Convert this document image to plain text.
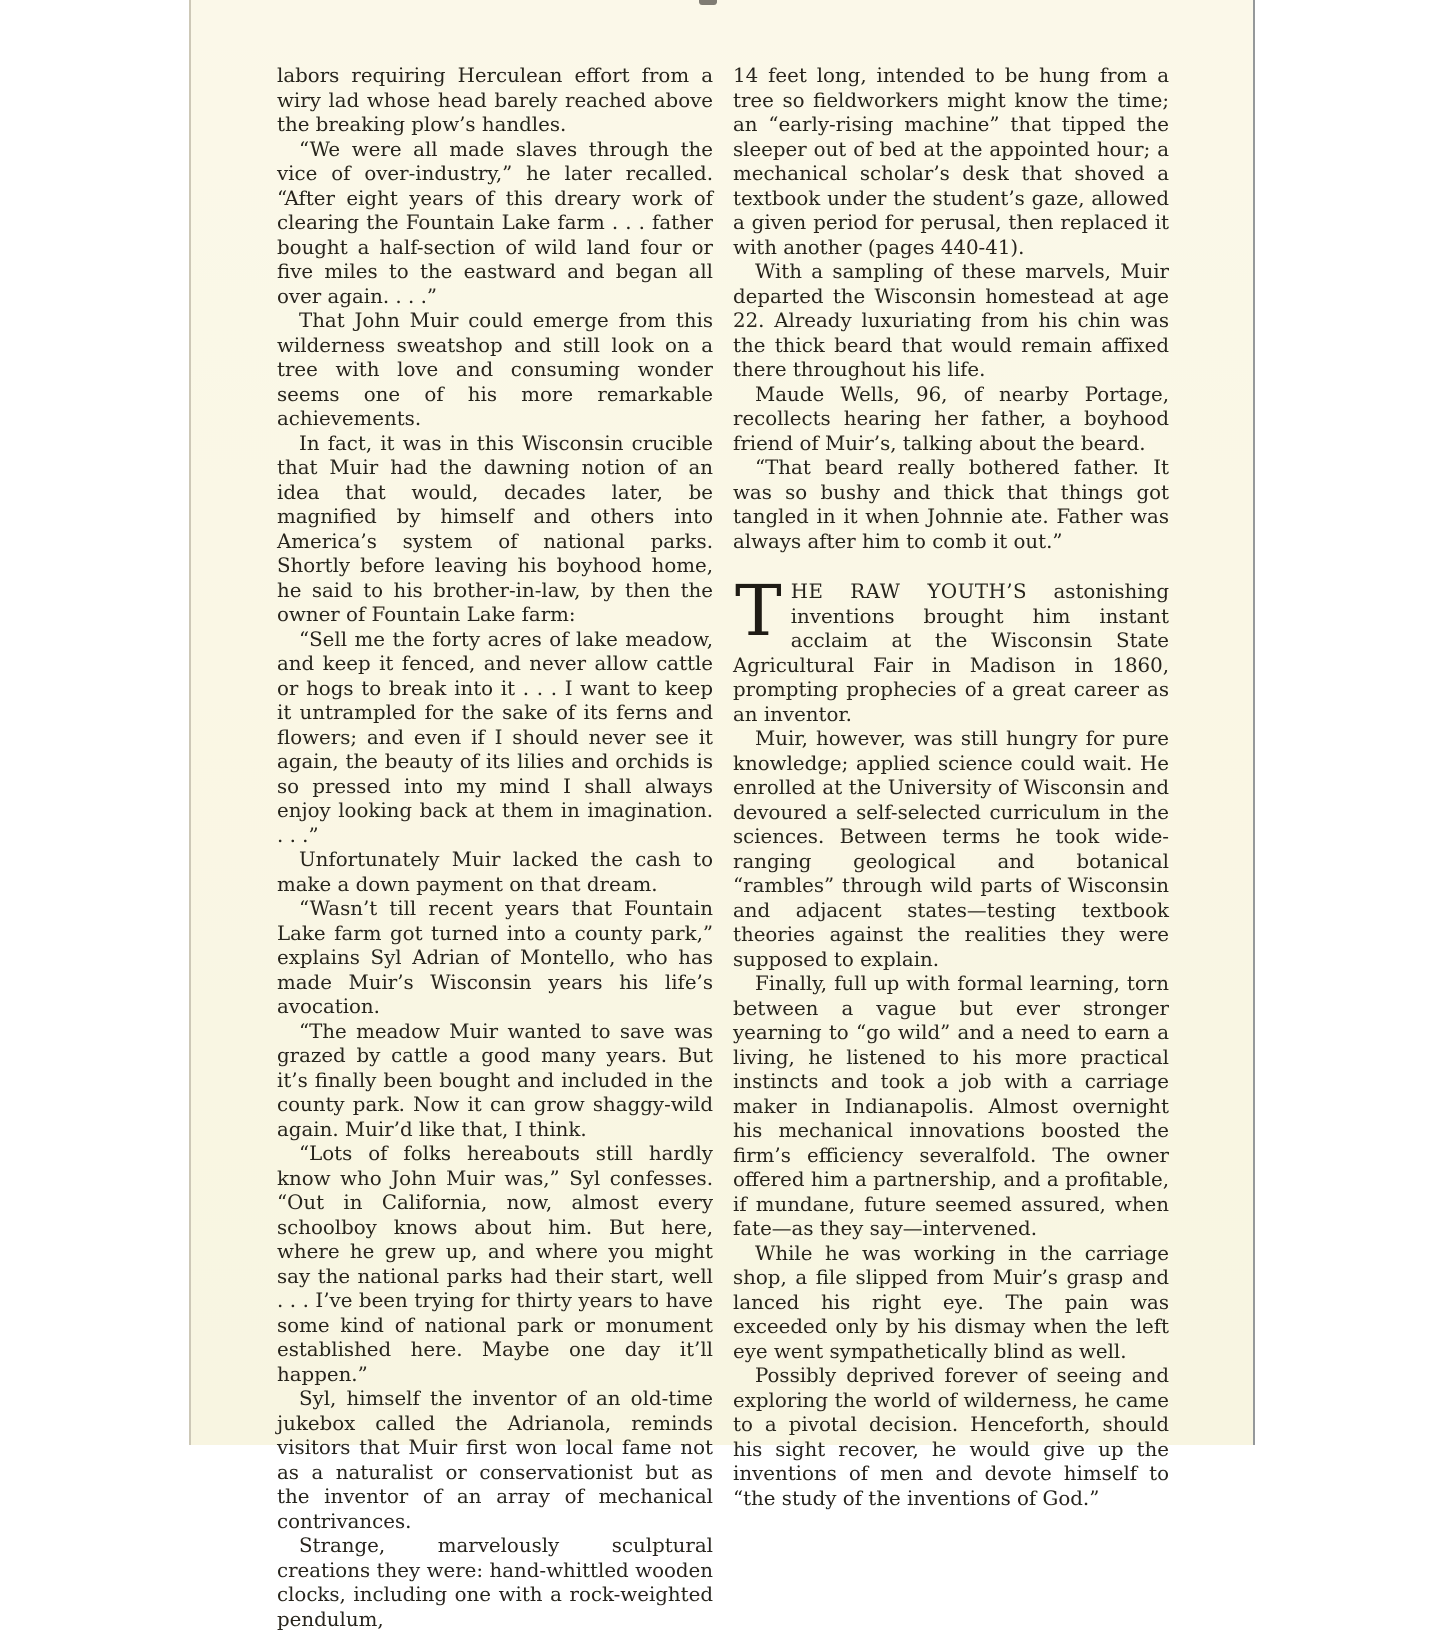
labors requiring Herculean effort from a wiry lad whose head barely reached above the breaking plow’s handles.

“We were all made slaves through the vice of over-industry,” he later recalled. “After eight years of this dreary work of clearing the Fountain Lake farm . . . father bought a half-section of wild land four or five miles to the eastward and began all over again. . . .”

That John Muir could emerge from this wilderness sweatshop and still look on a tree with love and consuming wonder seems one of his more remarkable achievements.

In fact, it was in this Wisconsin crucible that Muir had the dawning notion of an idea that would, decades later, be magnified by himself and others into America’s system of national parks. Shortly before leaving his boyhood home, he said to his brother-in-law, by then the owner of Fountain Lake farm:

“Sell me the forty acres of lake meadow, and keep it fenced, and never allow cattle or hogs to break into it . . . I want to keep it untrampled for the sake of its ferns and flowers; and even if I should never see it again, the beauty of its lilies and orchids is so pressed into my mind I shall always enjoy looking back at them in imagination. . . .”

Unfortunately Muir lacked the cash to make a down payment on that dream.

“Wasn’t till recent years that Fountain Lake farm got turned into a county park,” explains Syl Adrian of Montello, who has made Muir’s Wisconsin years his life’s avocation.

“The meadow Muir wanted to save was grazed by cattle a good many years. But it’s finally been bought and included in the county park. Now it can grow shaggy-wild again. Muir’d like that, I think.

“Lots of folks hereabouts still hardly know who John Muir was,” Syl confesses. “Out in California, now, almost every schoolboy knows about him. But here, where he grew up, and where you might say the national parks had their start, well . . . I’ve been trying for thirty years to have some kind of national park or monument established here. Maybe one day it’ll happen.”

Syl, himself the inventor of an old-time jukebox called the Adrianola, reminds visitors that Muir first won local fame not as a naturalist or conservationist but as the inventor of an array of mechanical contrivances.

Strange, marvelously sculptural creations they were: hand-whittled wooden clocks, including one with a rock-weighted pendulum,

14 feet long, intended to be hung from a tree so fieldworkers might know the time; an “early-rising machine” that tipped the sleeper out of bed at the appointed hour; a mechanical scholar’s desk that shoved a textbook under the student’s gaze, allowed a given period for perusal, then replaced it with another (pages 440-41).

With a sampling of these marvels, Muir departed the Wisconsin homestead at age 22. Already luxuriating from his chin was the thick beard that would remain affixed there throughout his life.

Maude Wells, 96, of nearby Portage, recollects hearing her father, a boyhood friend of Muir’s, talking about the beard.

“That beard really bothered father. It was so bushy and thick that things got tangled in it when Johnnie ate. Father was always after him to comb it out.”

THE RAW YOUTH’S astonishing inventions brought him instant acclaim at the Wisconsin State Agricultural Fair in Madison in 1860, prompting prophecies of a great career as an inventor.

Muir, however, was still hungry for pure knowledge; applied science could wait. He enrolled at the University of Wisconsin and devoured a self-selected curriculum in the sciences. Between terms he took wide-ranging geological and botanical “rambles” through wild parts of Wisconsin and adjacent states—testing textbook theories against the realities they were supposed to explain.

Finally, full up with formal learning, torn between a vague but ever stronger yearning to “go wild” and a need to earn a living, he listened to his more practical instincts and took a job with a carriage maker in Indianapolis. Almost overnight his mechanical innovations boosted the firm’s efficiency severalfold. The owner offered him a partnership, and a profitable, if mundane, future seemed assured, when fate—as they say—intervened.

While he was working in the carriage shop, a file slipped from Muir’s grasp and lanced his right eye. The pain was exceeded only by his dismay when the left eye went sympathetically blind as well.

Possibly deprived forever of seeing and exploring the world of wilderness, he came to a pivotal decision. Henceforth, should his sight recover, he would give up the inventions of men and devote himself to “the study of the inventions of God.”
